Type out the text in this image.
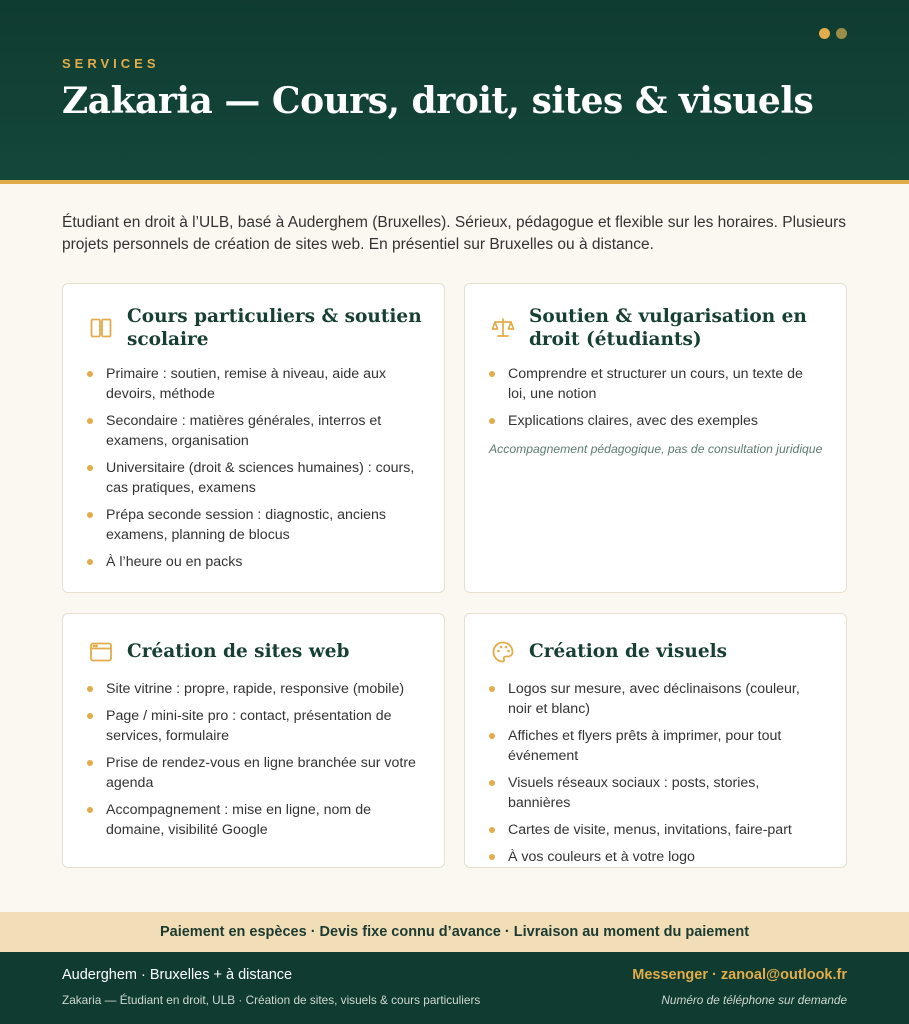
SERVICES
Zakaria — Cours, droit, sites & visuels

Étudiant en droit à l’ULB, basé à Auderghem (Bruxelles). Sérieux, pédagogue et flexible sur les horaires. Plusieurs projets personnels de création de sites web. En présentiel sur Bruxelles ou à distance.

Cours particuliers & soutien scolaire
Primaire : soutien, remise à niveau, aide aux devoirs, méthode
Secondaire : matières générales, interros et examens, organisation
Universitaire (droit & sciences humaines) : cours, cas pratiques, examens
Prépa seconde session : diagnostic, anciens examens, planning de blocus
À l’heure ou en packs
Soutien & vulgarisation en droit (étudiants)
Comprendre et structurer un cours, un texte de loi, une notion
Explications claires, avec des exemples
Accompagnement pédagogique, pas de consultation juridique
Création de sites web
Site vitrine : propre, rapide, responsive (mobile)
Page / mini-site pro : contact, présentation de services, formulaire
Prise de rendez-vous en ligne branchée sur votre agenda
Accompagnement : mise en ligne, nom de domaine, visibilité Google
Création de visuels
Logos sur mesure, avec déclinaisons (couleur, noir et blanc)
Affiches et flyers prêts à imprimer, pour tout événement
Visuels réseaux sociaux : posts, stories, bannières
Cartes de visite, menus, invitations, faire-part
À vos couleurs et à votre logo
Paiement en espèces · Devis fixe connu d’avance · Livraison au moment du paiement
Auderghem · Bruxelles + à distance
Zakaria — Étudiant en droit, ULB · Création de sites, visuels & cours particuliers
Messenger · zanoal@outlook.fr
Numéro de téléphone sur demande
